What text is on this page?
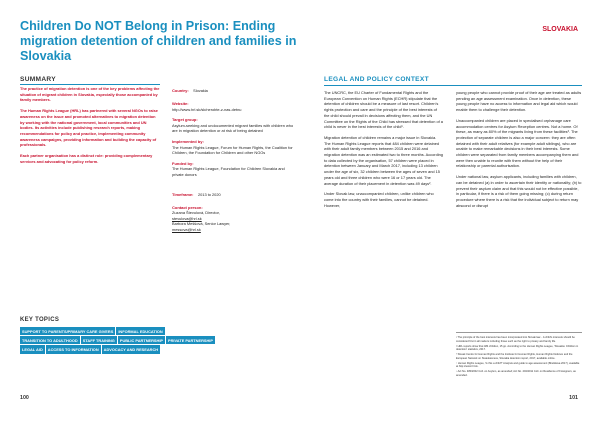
Children Do NOT Belong in Prison: Ending migration detention of children and families in Slovakia
SLOVAKIA
SUMMARY

The practice of migration detention is one of the key problems affecting the situation of migrant children in Slovakia, especially those accompanied by family members.

The Human Rights League (HRL) has partnered with several NGOs to raise awareness on the issue and promoted alternatives to migration detention by working with the national government, local communities and UN bodies. Its activities include publishing research reports, making recommendations for policy and practice, implementing community awareness campaigns, providing information and building the capacity of professionals.

Each partner organisation has a distinct role: providing complementary services and advocating for policy reform.

Country: Slovakia
Website:
http://www.hrl.sk/sk/nerobte-z-nas-detnu
Target group:
Asylum-seeking and undocumented migrant families with children who are in migration detention or at risk of being detained
Implemented by:
The Human Rights League, Forum for Human Rights, the Coalition for Children, the Foundation for Children and other NGOs
Funded by:
The Human Rights League, Foundation for Children Slovakia and private donors
Timeframe: 2013 to 2020
Contact person:
Zuzana Števulová, Director,
stevulova@hrl.sk
Barbora Meššová, Senior Lawyer,
messova@hrl.sk
LEGAL AND POLICY CONTEXT

The UNCRC, the EU Charter of Fundamental Rights and the European Convention on Human Rights (ECHR) stipulate that the detention of children should be a measure of last resort. Children's rights protection and care and the principle of the best interests of the child should prevail in decisions affecting them, and the UN Committee on the Rights of the Child has stressed that detention of a child is never in the best interests of the child¹.

Migration detention of children remains a major issue in Slovakia. The Human Rights League reports that 484 children were detained with their adult family members between 2015 and 2016 and migration detention was an estimated two to three months. According to data collected by the organisation, 57 children were placed in detention between January and March 2017, including 13 children under the age of six, 32 children between the ages of seven and 15 years old and three children who were 16 or 17 years old. The average duration of their placement in detention was 49 days².

Under Slovak law, unaccompanied children, unlike children who come into the country with their families, cannot be detained. However,

young people who cannot provide proof of their age are treated as adults pending an age assessment examination. Once in detention, these young people have no access to information and legal aid which would enable them to challenge their detention.

Unaccompanied children are placed in specialised orphanage care accommodation centres for Asylum Reception centres. Not a home. Of these, as many as 80% of the migrants living from these facilities³. The protection of separate children is also a major concern: they are often detained with their adult relatives (for example adult siblings), who are unable to make remarkable decisions in their best interests. Some children were separated from family members accompanying them and were then unable to reunite with them without the help of their relationship or parental authorisation.

Under national law, asylum applicants, including families with children, can be detained (a) in order to ascertain their identity or nationality; (b) to prevent their asylum claim and that this would not be effective possible, in particular, if there is a risk of them going missing; (c) during return procedure where there is a risk that the individual subject to return may abscond or disrupt

¹ The principle of the best interests has been incorporated into Slovak law... A child's interests should be considered first in all matters including those such as the right to privacy and family life.
² HRL reports show that 484 children, 15 pp. According to the Human Rights League, 'Slovakia: Children in detention' statistics, 2017.
³ Slovak Centre for Human Rights and the Institute for Human Rights, Human Rights Defence and the European Network on Statelessness, Slovakia detention report, 2017, available online.
⁴ Human Rights League, 'Is this a child?' Analysis and guide to age assessment (Bratislava 2017), available at http://www.hrl.sk.
⁵ Act No. 480/2002 Coll. on Asylum, as amended; Act No. 404/2011 Coll. on Residence of Foreigners, as amended.
KEY TOPICS
SUPPORT TO PARENTS/PRIMARY CARE GIVERS	INFORMAL EDUCATION
TRANSITION TO ADULTHOOD	STAFF TRAINING	PUBLIC PARTNERSHIP	PRIVATE PARTNERSHIP
LEGAL AID	ACCESS TO INFORMATION	ADVOCACY AND RESEARCH
100	101
